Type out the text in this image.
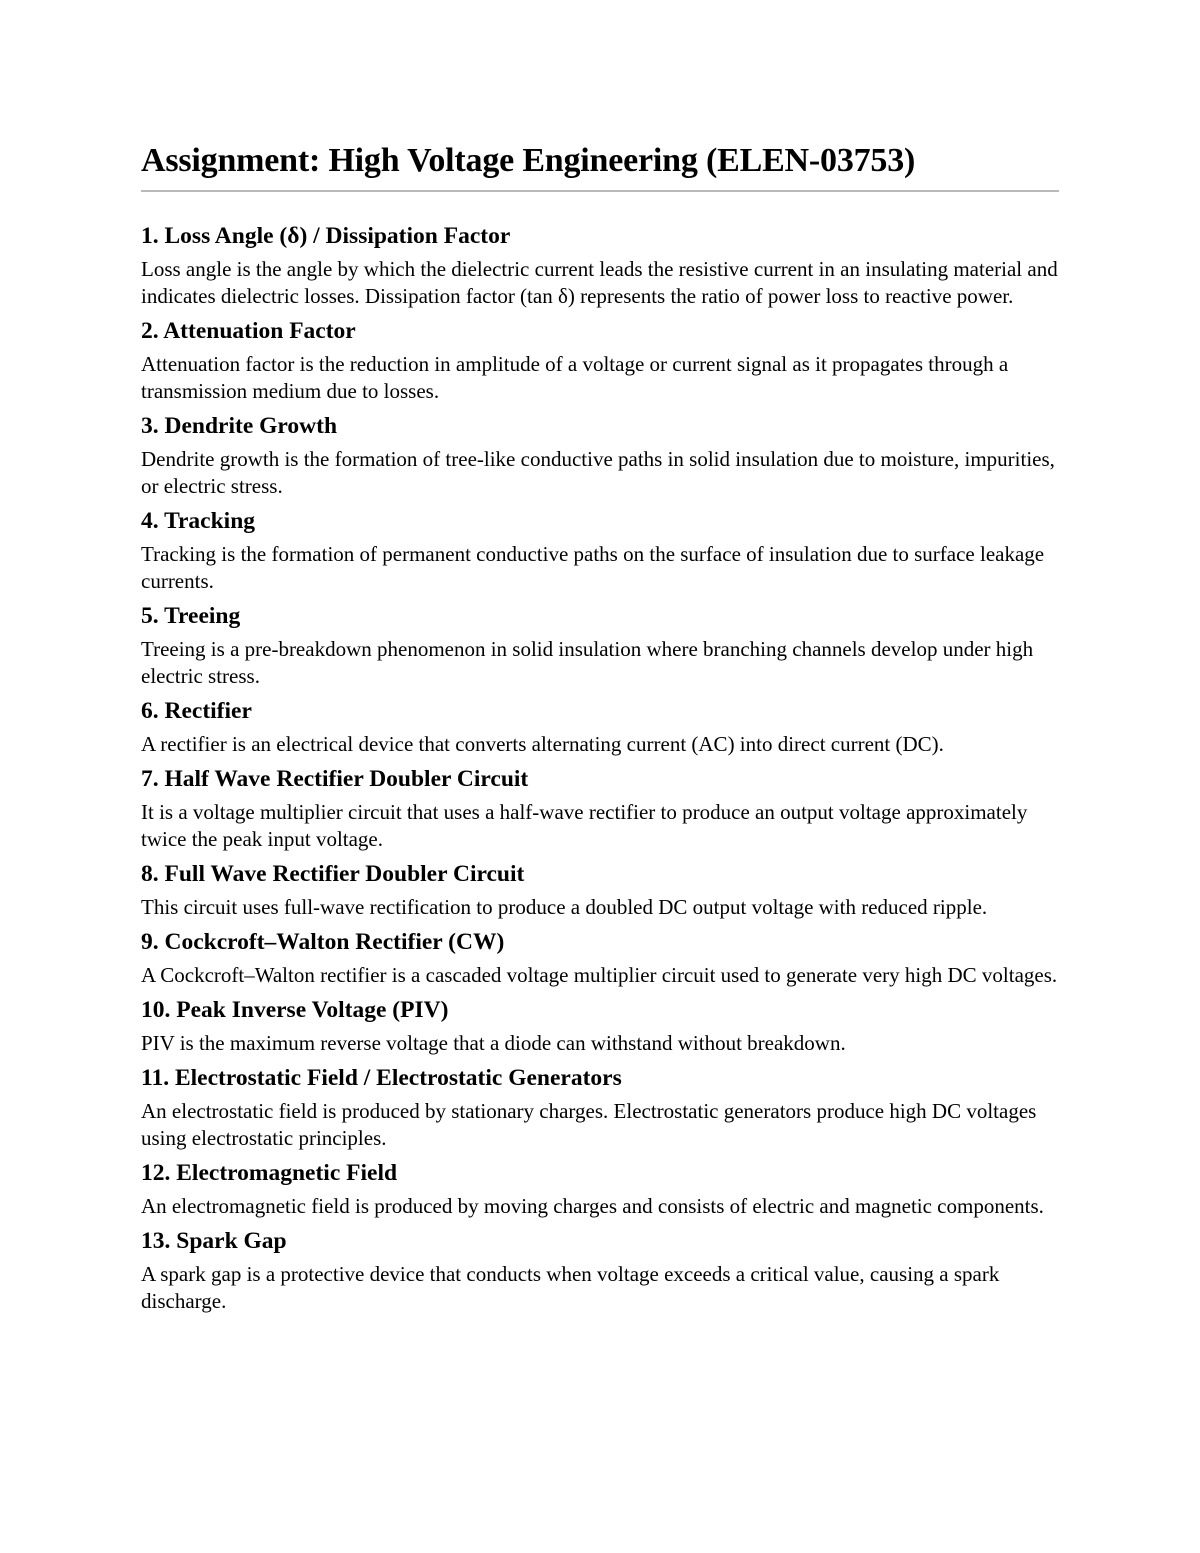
Assignment: High Voltage Engineering (ELEN-03753)
1. Loss Angle (δ) / Dissipation Factor

Loss angle is the angle by which the dielectric current leads the resistive current in an insulating material and indicates dielectric losses. Dissipation factor (tan δ) represents the ratio of power loss to reactive power.

2. Attenuation Factor

Attenuation factor is the reduction in amplitude of a voltage or current signal as it propagates through a transmission medium due to losses.

3. Dendrite Growth

Dendrite growth is the formation of tree-like conductive paths in solid insulation due to moisture, impurities, or electric stress.

4. Tracking

Tracking is the formation of permanent conductive paths on the surface of insulation due to surface leakage currents.

5. Treeing

Treeing is a pre-breakdown phenomenon in solid insulation where branching channels develop under high electric stress.

6. Rectifier

A rectifier is an electrical device that converts alternating current (AC) into direct current (DC).

7. Half Wave Rectifier Doubler Circuit

It is a voltage multiplier circuit that uses a half-wave rectifier to produce an output voltage approximately twice the peak input voltage.

8. Full Wave Rectifier Doubler Circuit

This circuit uses full-wave rectification to produce a doubled DC output voltage with reduced ripple.

9. Cockcroft–Walton Rectifier (CW)

A Cockcroft–Walton rectifier is a cascaded voltage multiplier circuit used to generate very high DC voltages.

10. Peak Inverse Voltage (PIV)

PIV is the maximum reverse voltage that a diode can withstand without breakdown.

11. Electrostatic Field / Electrostatic Generators

An electrostatic field is produced by stationary charges. Electrostatic generators produce high DC voltages using electrostatic principles.

12. Electromagnetic Field

An electromagnetic field is produced by moving charges and consists of electric and magnetic components.

13. Spark Gap

A spark gap is a protective device that conducts when voltage exceeds a critical value, causing a spark discharge.
